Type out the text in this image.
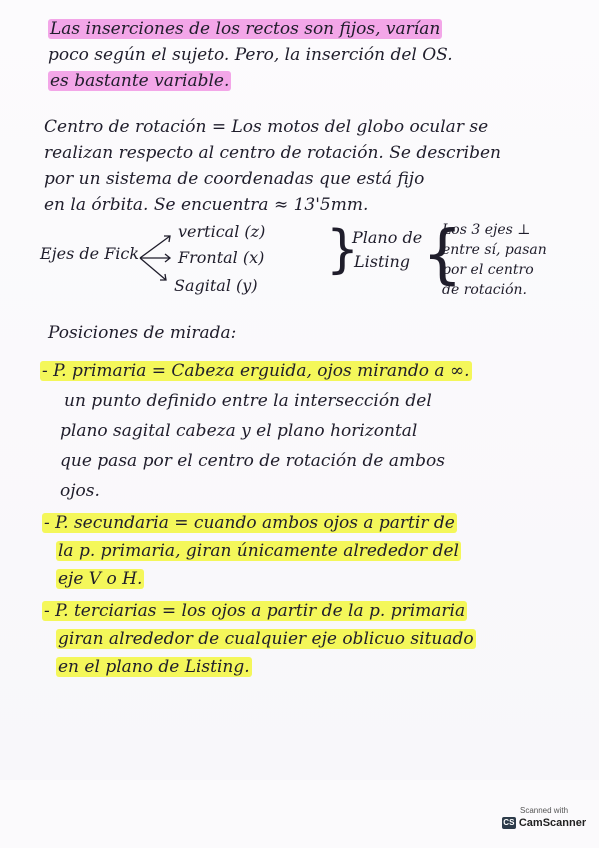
Las inserciones de los rectos son fijos, varían
poco según el sujeto. Pero, la inserción del OS.
es bastante variable.
Centro de rotación = Los motos del globo ocular se
realizan respecto al centro de rotación. Se describen
por un sistema de coordenadas que está fijo
en la órbita. Se encuentra ≈ 13'5mm.
Ejes de Fick
vertical (z)
Frontal (x)
Sagital (y)
}
Plano de
Listing {
Los 3 ejes ⊥
entre sí, pasan
por el centro
de rotación.
Posiciones de mirada:
- P. primaria = Cabeza erguida, ojos mirando a ∞.
un punto definido entre la intersección del
plano sagital cabeza y el plano horizontal
que pasa por el centro de rotación de ambos
ojos.
- P. secundaria = cuando ambos ojos a partir de
la p. primaria, giran únicamente alrededor del
eje V o H.
- P. terciarias = los ojos a partir de la p. primaria
giran alrededor de cualquier eje oblicuo situado
en el plano de Listing.
Scanned with
CS CamScanner
